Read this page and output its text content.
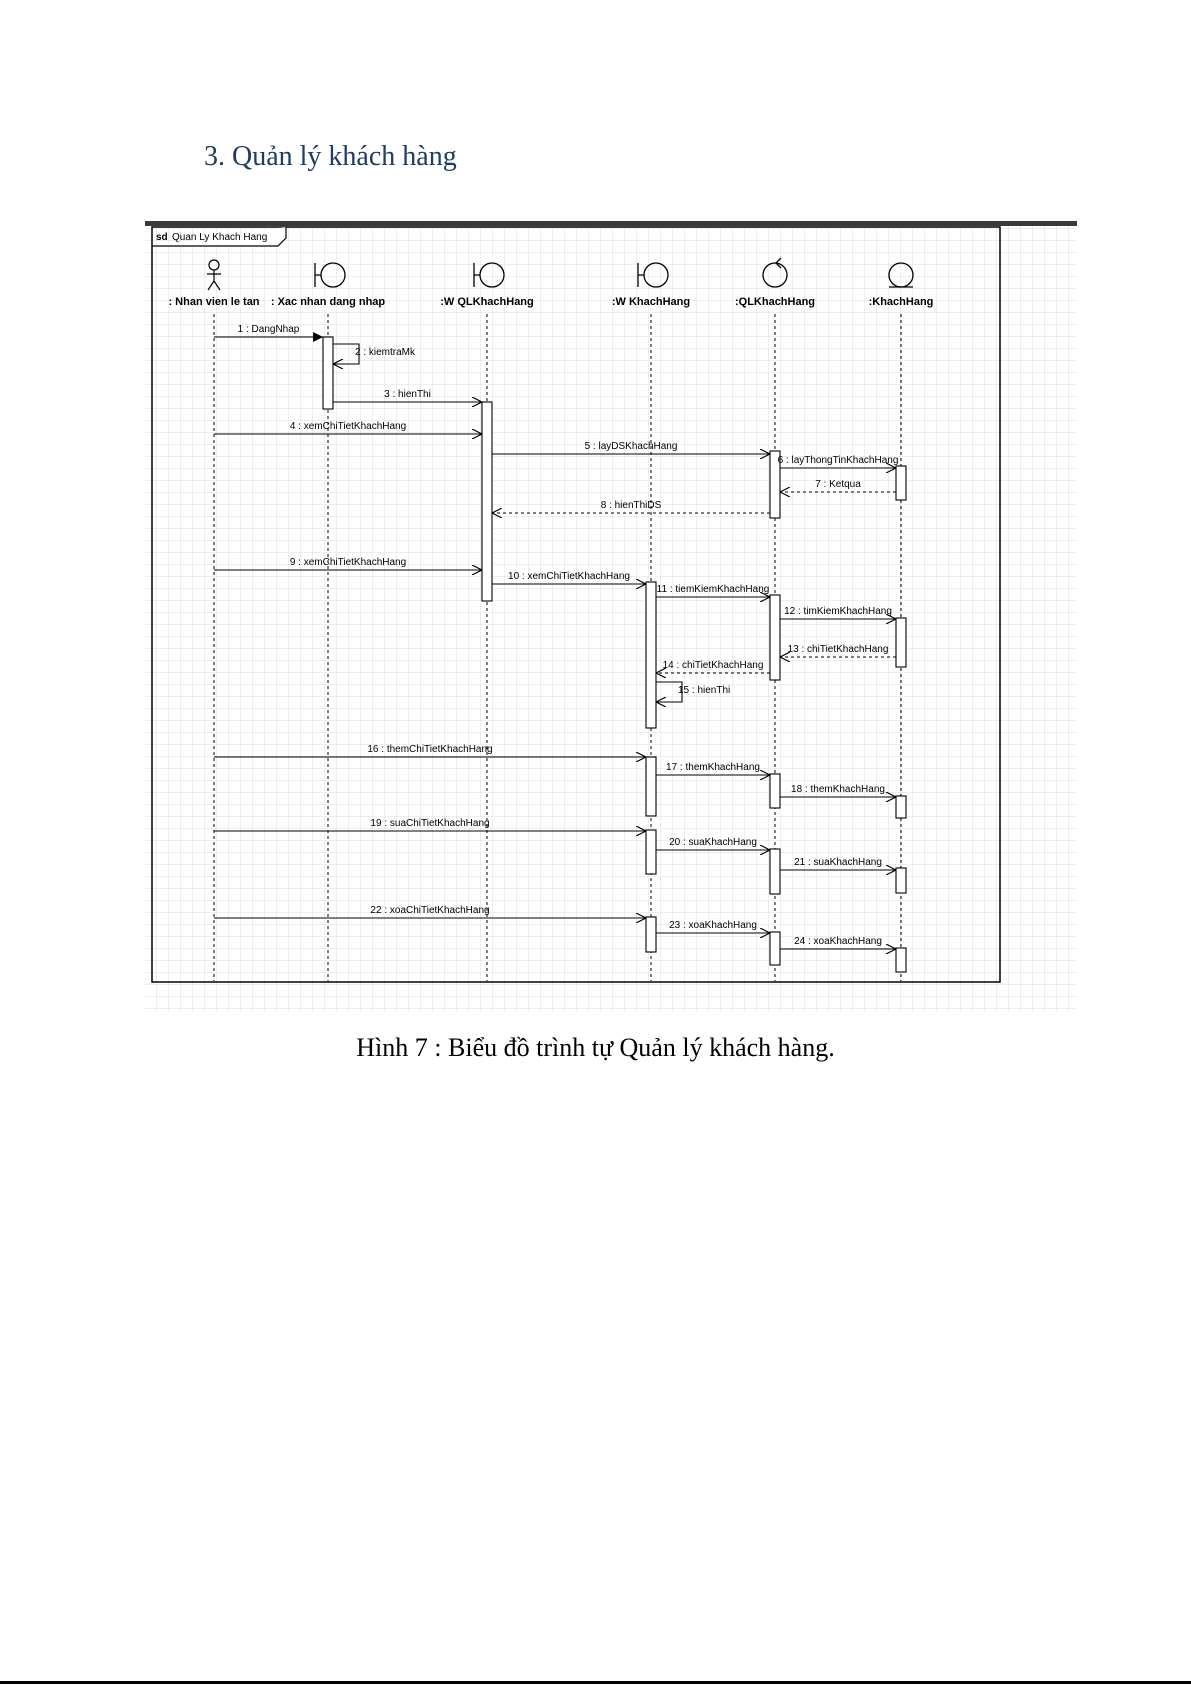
3. Quản lý khách hàng
sd Quan Ly Khach Hang
: Nhan vien le tan : Xac nhan dang nhap	:W QLKhachHang	:W KhachHang	:QLKhachHang	:KhachHang
1 : DangNhap
2 : kiemtraMk
3 : hienThi
4 : xemChiTietKhachHang
5 : layDSKhachHang
6 : layThongTinKhachHang
7 : Ketqua
8 : hienThiDS
9 : xemChiTietKhachHang
10 : xemChiTietKhachHang
11 : tiemKiemKhachHang
12 : timKiemKhachHang
13 : chiTietKhachHang
14 : chiTietKhachHang
15 : hienThi
16 : themChiTietKhachHang
17 : themKhachHang
18 : themKhachHang
19 : suaChiTietKhachHang
20 : suaKhachHang
21 : suaKhachHang
22 : xoaChiTietKhachHang
23 : xoaKhachHang
24 : xoaKhachHang

Hình 7 : Biểu đồ trình tự Quản lý khách hàng.
